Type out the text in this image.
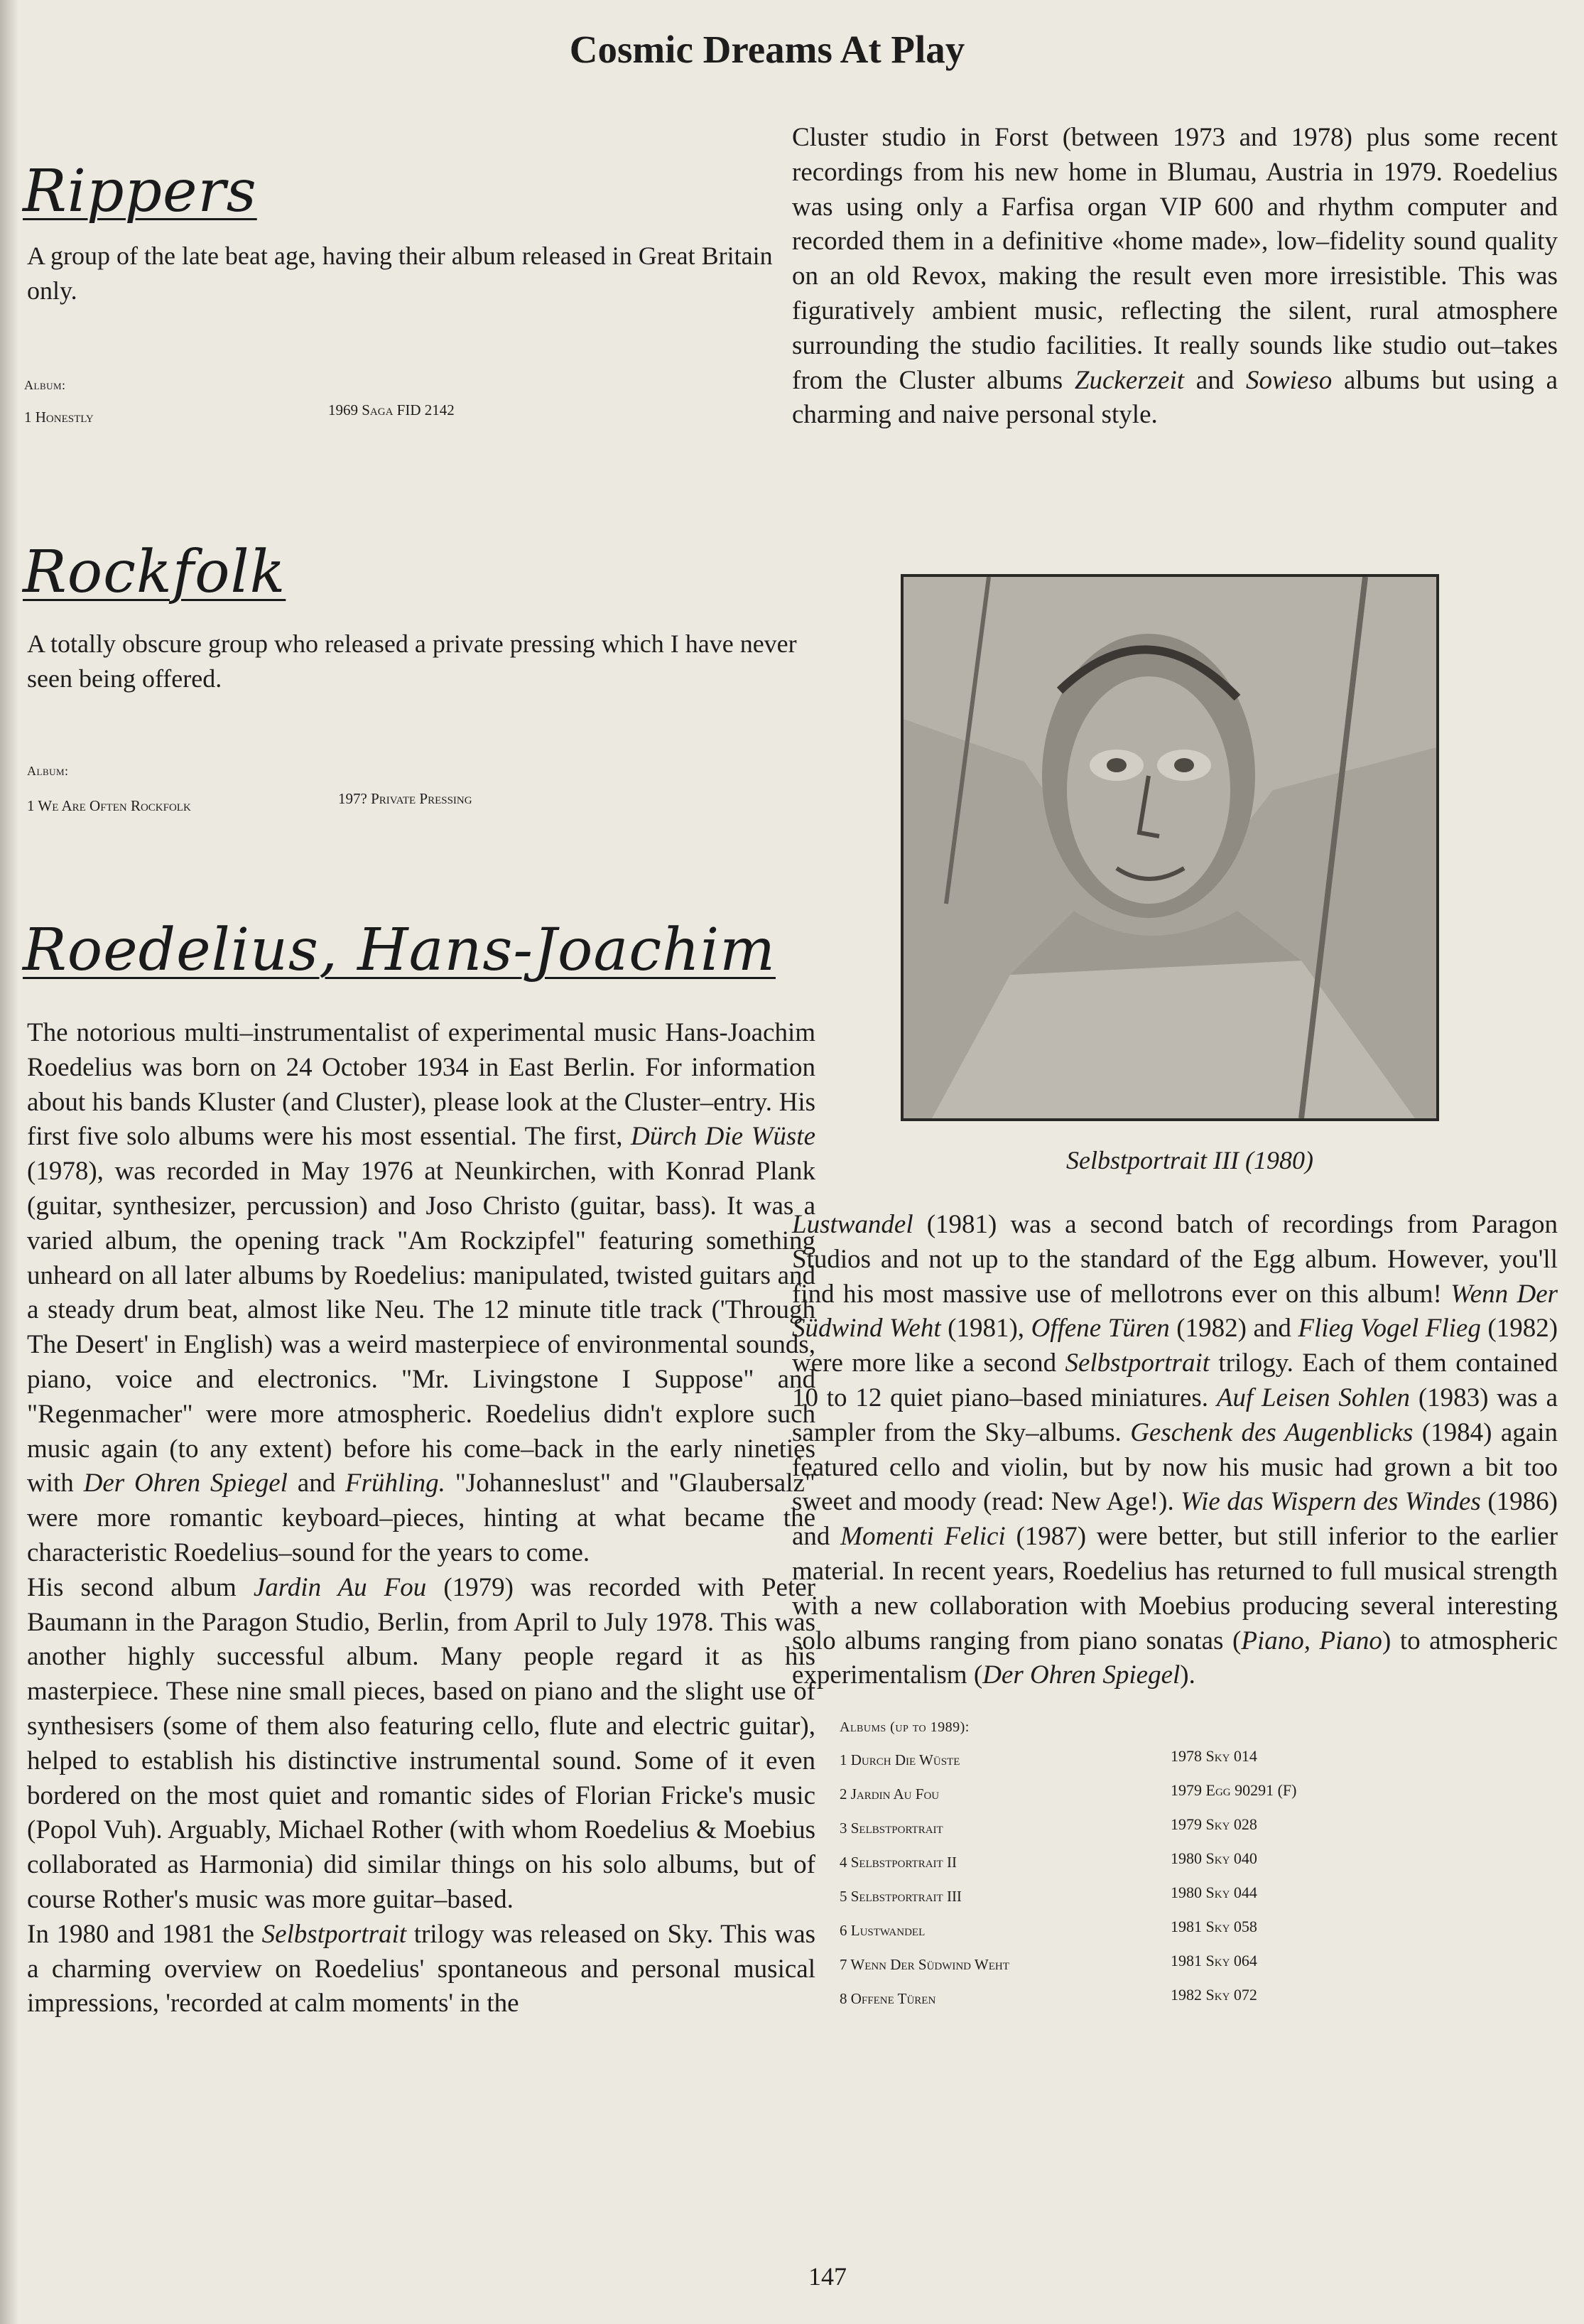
Cosmic Dreams At Play
Rippers

A group of the late beat age, having their album released in Great Britain only.

Album:
1 Honestly	1969 Saga FID 2142
Rockfolk

A totally obscure group who released a private pressing which I have never seen being offered.

Album:
1 We Are Often Rockfolk	197? Private Pressing
Roedelius, Hans-Joachim

The notorious multi–instrumentalist of experimental music Hans-Joachim Roedelius was born on 24 October 1934 in East Berlin. For information about his bands Kluster (and Cluster), please look at the Cluster–entry. His first five solo albums were his most essential. The first, Dürch Die Wüste (1978), was recorded in May 1976 at Neunkirchen, with Konrad Plank (guitar, synthesizer, percussion) and Joso Christo (guitar, bass). It was a varied album, the opening track "Am Rockzipfel" featuring something unheard on all later albums by Roedelius: manipulated, twisted guitars and a steady drum beat, almost like Neu. The 12 minute title track ('Through The Desert' in English) was a weird masterpiece of environmental sounds, piano, voice and electronics. "Mr. Livingstone I Suppose" and "Regenmacher" were more atmospheric. Roedelius didn't explore such music again (to any extent) before his come–back in the early nineties with Der Ohren Spiegel and Frühling. "Johanneslust" and "Glaubersalz" were more romantic keyboard–pieces, hinting at what became the characteristic Roedelius–sound for the years to come.

His second album Jardin Au Fou (1979) was recorded with Peter Baumann in the Paragon Studio, Berlin, from April to July 1978. This was another highly successful album. Many people regard it as his masterpiece. These nine small pieces, based on piano and the slight use of synthesisers (some of them also featuring cello, flute and electric guitar), helped to establish his distinctive instrumental sound. Some of it even bordered on the most quiet and romantic sides of Florian Fricke's music (Popol Vuh). Arguably, Michael Rother (with whom Roedelius & Moebius collaborated as Harmonia) did similar things on his solo albums, but of course Rother's music was more guitar–based.

In 1980 and 1981 the Selbstportrait trilogy was released on Sky. This was a charming overview on Roedelius' spontaneous and personal musical impressions, 'recorded at calm moments' in the

Cluster studio in Forst (between 1973 and 1978) plus some recent recordings from his new home in Blumau, Austria in 1979. Roedelius was using only a Farfisa organ VIP 600 and rhythm computer and recorded them in a definitive «home made», low–fidelity sound quality on an old Revox, making the result even more irresistible. This was figuratively ambient music, reflecting the silent, rural atmosphere surrounding the studio facilities. It really sounds like studio out–takes from the Cluster albums Zuckerzeit and Sowieso albums but using a charming and naive personal style.

Selbstportrait III (1980)

Lustwandel (1981) was a second batch of recordings from Paragon Studios and not up to the standard of the Egg album. However, you'll find his most massive use of mellotrons ever on this album! Wenn Der Südwind Weht (1981), Offene Türen (1982) and Flieg Vogel Flieg (1982) were more like a second Selbstportrait trilogy. Each of them contained 10 to 12 quiet piano–based miniatures. Auf Leisen Sohlen (1983) was a sampler from the Sky–albums. Geschenk des Augenblicks (1984) again featured cello and violin, but by now his music had grown a bit too sweet and moody (read: New Age!). Wie das Wispern des Windes (1986) and Momenti Felici (1987) were better, but still inferior to the earlier material. In recent years, Roedelius has returned to full musical strength with a new collaboration with Moebius producing several interesting solo albums ranging from piano sonatas (Piano, Piano) to atmospheric experimentalism (Der Ohren Spiegel).

Albums (up to 1989):
1 Durch Die Wüste	1978 Sky 014
2 Jardin Au Fou	1979 Egg 90291 (F)
3 Selbstportrait	1979 Sky 028
4 Selbstportrait II	1980 Sky 040
5 Selbstportrait III	1980 Sky 044
6 Lustwandel	1981 Sky 058
7 Wenn Der Südwind Weht	1981 Sky 064
8 Offene Türen	1982 Sky 072
147
